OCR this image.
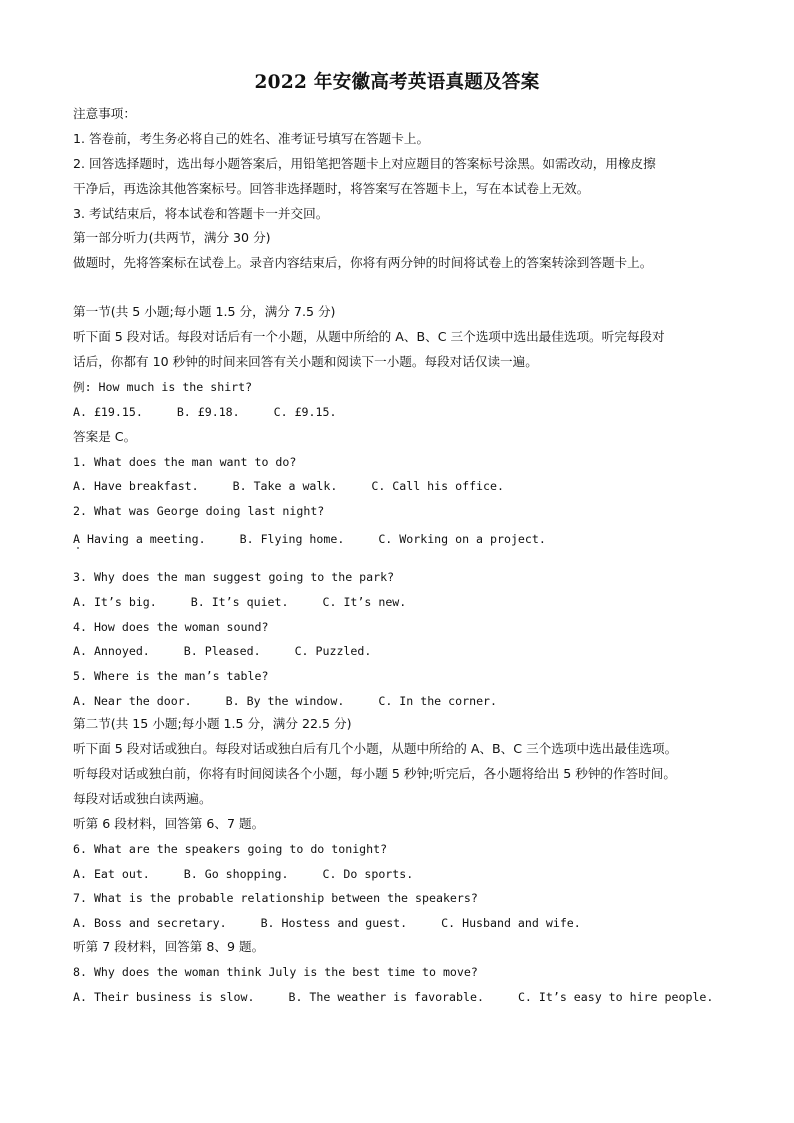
2022 年安徽高考英语真题及答案
注意事项：
1. 答卷前，考生务必将自己的姓名、准考证号填写在答题卡上。
2. 回答选择题时，选出每小题答案后，用铅笔把答题卡上对应题目的答案标号涂黑。如需改动，用橡皮擦
干净后，再选涂其他答案标号。回答非选择题时，将答案写在答题卡上，写在本试卷上无效。
3. 考试结束后，将本试卷和答题卡一并交回。
第一部分听力(共两节，满分 30 分)
做题时，先将答案标在试卷上。录音内容结束后，你将有两分钟的时间将试卷上的答案转涂到答题卡上。
第一节(共 5 小题;每小题 1.5 分，满分 7.5 分)
听下面 5 段对话。每段对话后有一个小题，从题中所给的 A、B、C 三个选项中选出最佳选项。听完每段对
话后，你都有 10 秒钟的时间来回答有关小题和阅读下一小题。每段对话仅读一遍。
例: How much is the shirt?
A. £19.15.	B. £9.18.	C. £9.15.
答案是 C。
1. What does the man want to do?
A. Have breakfast.	B. Take a walk.	C. Call his office.
2. What was George doing last night?
A Having a meeting.	B. Flying home.	C. Working on a project.
3. Why does the man suggest going to the park?
A. It’s big.	B. It’s quiet.	C. It’s new.
4. How does the woman sound?
A. Annoyed.	B. Pleased.	C. Puzzled.
5. Where is the man’s table?
A. Near the door.	B. By the window.	C. In the corner.
第二节(共 15 小题;每小题 1.5 分，满分 22.5 分)
听下面 5 段对话或独白。每段对话或独白后有几个小题，从题中所给的 A、B、C 三个选项中选出最佳选项。
听每段对话或独白前，你将有时间阅读各个小题，每小题 5 秒钟;听完后，各小题将给出 5 秒钟的作答时间。
每段对话或独白读两遍。
听第 6 段材料，回答第 6、7 题。
6. What are the speakers going to do tonight?
A. Eat out.	B. Go shopping.	C. Do sports.
7. What is the probable relationship between the speakers?
A. Boss and secretary.	B. Hostess and guest.	C. Husband and wife.
听第 7 段材料，回答第 8、9 题。
8. Why does the woman think July is the best time to move?
A. Their business is slow.	B. The weather is favorable.	C. It’s easy to hire people.
